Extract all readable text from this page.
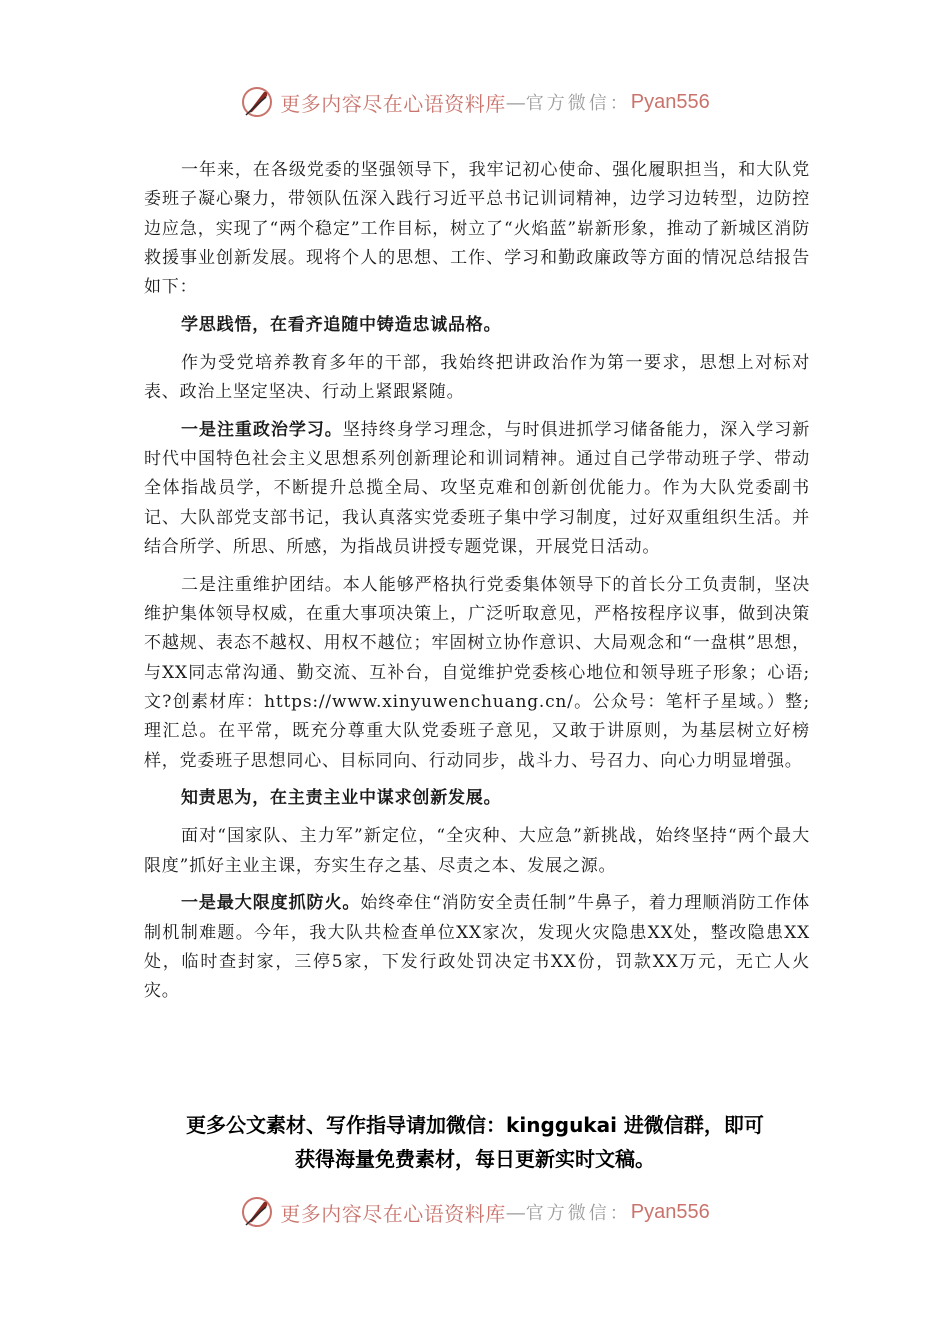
更多内容尽在心语资料库 — 官方微信： Pyan556

一年来，在各级党委的坚强领导下，我牢记初心使命、强化履职担当，和大队党委班子凝心聚力，带领队伍深入践行习近平总书记训词精神，边学习边转型，边防控边应急，实现了“两个稳定”工作目标，树立了“火焰蓝”崭新形象，推动了新城区消防救援事业创新发展。现将个人的思想、工作、学习和勤政廉政等方面的情况总结报告如下：

学思践悟，在看齐追随中铸造忠诚品格。

作为受党培养教育多年的干部，我始终把讲政治作为第一要求，思想上对标对表、政治上坚定坚决、行动上紧跟紧随。

一是注重政治学习。坚持终身学习理念，与时俱进抓学习储备能力，深入学习新时代中国特色社会主义思想系列创新理论和训词精神。通过自己学带动班子学、带动全体指战员学，不断提升总揽全局、攻坚克难和创新创优能力。作为大队党委副书记、大队部党支部书记，我认真落实党委班子集中学习制度，过好双重组织生活。并结合所学、所思、所感，为指战员讲授专题党课，开展党日活动。

二是注重维护团结。本人能够严格执行党委集体领导下的首长分工负责制，坚决维护集体领导权威，在重大事项决策上，广泛听取意见，严格按程序议事，做到决策不越规、表态不越权、用权不越位；牢固树立协作意识、大局观念和“一盘棋”思想，与XX同志常沟通、勤交流、互补台，自觉维护党委核心地位和领导班子形象；心语;文?创素材库：https://www.xinyuwenchuang.cn/。公众号：笔杆子星域。）整;理汇总。在平常，既充分尊重大队党委班子意见，又敢于讲原则，为基层树立好榜样，党委班子思想同心、目标同向、行动同步，战斗力、号召力、向心力明显增强。

知责思为，在主责主业中谋求创新发展。

面对“国家队、主力军”新定位，“全灾种、大应急”新挑战，始终坚持“两个最大限度”抓好主业主课，夯实生存之基、尽责之本、发展之源。

一是最大限度抓防火。始终牵住“消防安全责任制”牛鼻子，着力理顺消防工作体制机制难题。今年，我大队共检查单位XX家次，发现火灾隐患XX处，整改隐患XX处，临时查封家，三停5家，下发行政处罚决定书XX份，罚款XX万元，无亡人火灾。

更多公文素材、写作指导请加微信：kinggukai 进微信群，即可
获得海量免费素材，每日更新实时文稿。
更多内容尽在心语资料库 — 官方微信： Pyan556
